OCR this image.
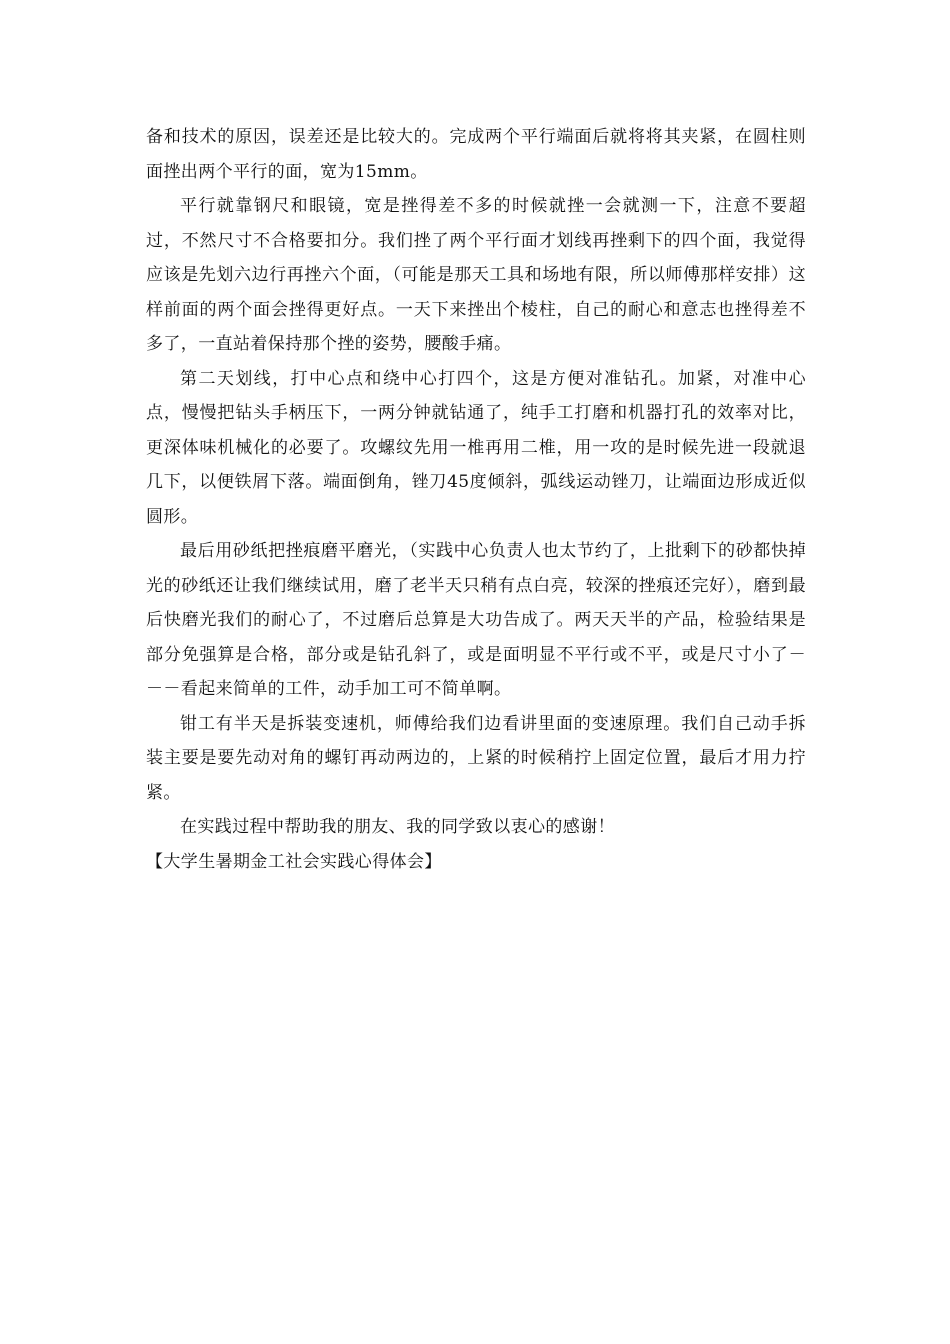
备和技术的原因，误差还是比较大的。完成两个平行端面后就将将其夹紧，在圆柱则面挫出两个平行的面，宽为15mm。

平行就靠钢尺和眼镜，宽是挫得差不多的时候就挫一会就测一下，注意不要超过，不然尺寸不合格要扣分。我们挫了两个平行面才划线再挫剩下的四个面，我觉得应该是先划六边行再挫六个面，（可能是那天工具和场地有限，所以师傅那样安排）这样前面的两个面会挫得更好点。一天下来挫出个棱柱，自己的耐心和意志也挫得差不多了，一直站着保持那个挫的姿势，腰酸手痛。

第二天划线，打中心点和绕中心打四个，这是方便对准钻孔。加紧，对准中心点，慢慢把钻头手柄压下，一两分钟就钻通了，纯手工打磨和机器打孔的效率对比，更深体味机械化的必要了。攻螺纹先用一椎再用二椎，用一攻的是时候先进一段就退几下，以便铁屑下落。端面倒角，锉刀45度倾斜，弧线运动锉刀，让端面边形成近似圆形。

最后用砂纸把挫痕磨平磨光，（实践中心负责人也太节约了，上批剩下的砂都快掉光的砂纸还让我们继续试用，磨了老半天只稍有点白亮，较深的挫痕还完好），磨到最后快磨光我们的耐心了，不过磨后总算是大功告成了。两天天半的产品，检验结果是部分免强算是合格，部分或是钻孔斜了，或是面明显不平行或不平，或是尺寸小了－－－看起来简单的工件，动手加工可不简单啊。

钳工有半天是拆装变速机，师傅给我们边看讲里面的变速原理。我们自己动手拆装主要是要先动对角的螺钉再动两边的，上紧的时候稍拧上固定位置，最后才用力拧紧。

在实践过程中帮助我的朋友、我的同学致以衷心的感谢！

【大学生暑期金工社会实践心得体会】
